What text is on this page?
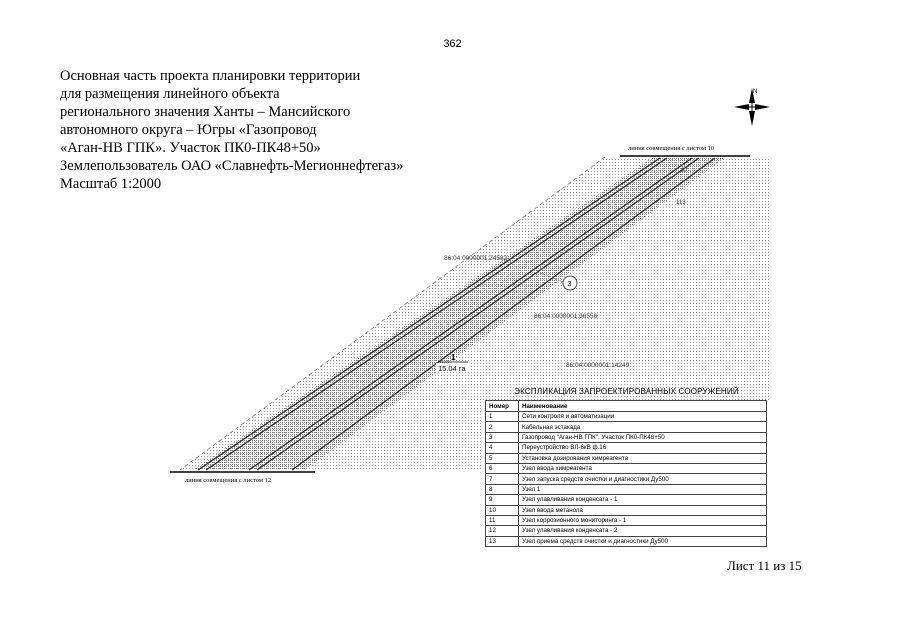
362
Основная часть проекта планировки территории
для размещения линейного объекта
регионального значения Ханты – Мансийского
автономного округа – Югры «Газопровод
«Аган-НВ ГПК». Участок ПК0-ПК48+50»
Землепользователь ОАО «Славнефть-Мегионнефтегаз»
Масштаб 1:2000
линия совмещения с листом 10
линия совмещения с листом 12
86:04:0000001:24582
86:04:0000001:36556
86:04:0000001:14249
87
113
3
1
15.04 га
N
ЭКСПЛИКАЦИЯ ЗАПРОЕКТИРОВАННЫХ СООРУЖЕНИЙ
Номер	Наименование
1	Сети контроля и автоматизации
2	Кабельная эстакада
3	Газопровод "Аган-НВ ГПК". Участок ПК0-ПК48+50
4	Переустройство ВЛ-6кВ ф.16
5	Установка дозирования химреагента
6	Узел ввода химреагента
7	Узел запуска средств очистки и диагностики Ду500
8	Узел 1
9	Узел улавливания конденсата - 1
10	Узел ввода метанола
11	Узел коррозионного мониторинга - 1
12	Узел улавливания конденсата - 2
13	Узел приема средств очистки и диагностики Ду500
Лист 11 из 15
